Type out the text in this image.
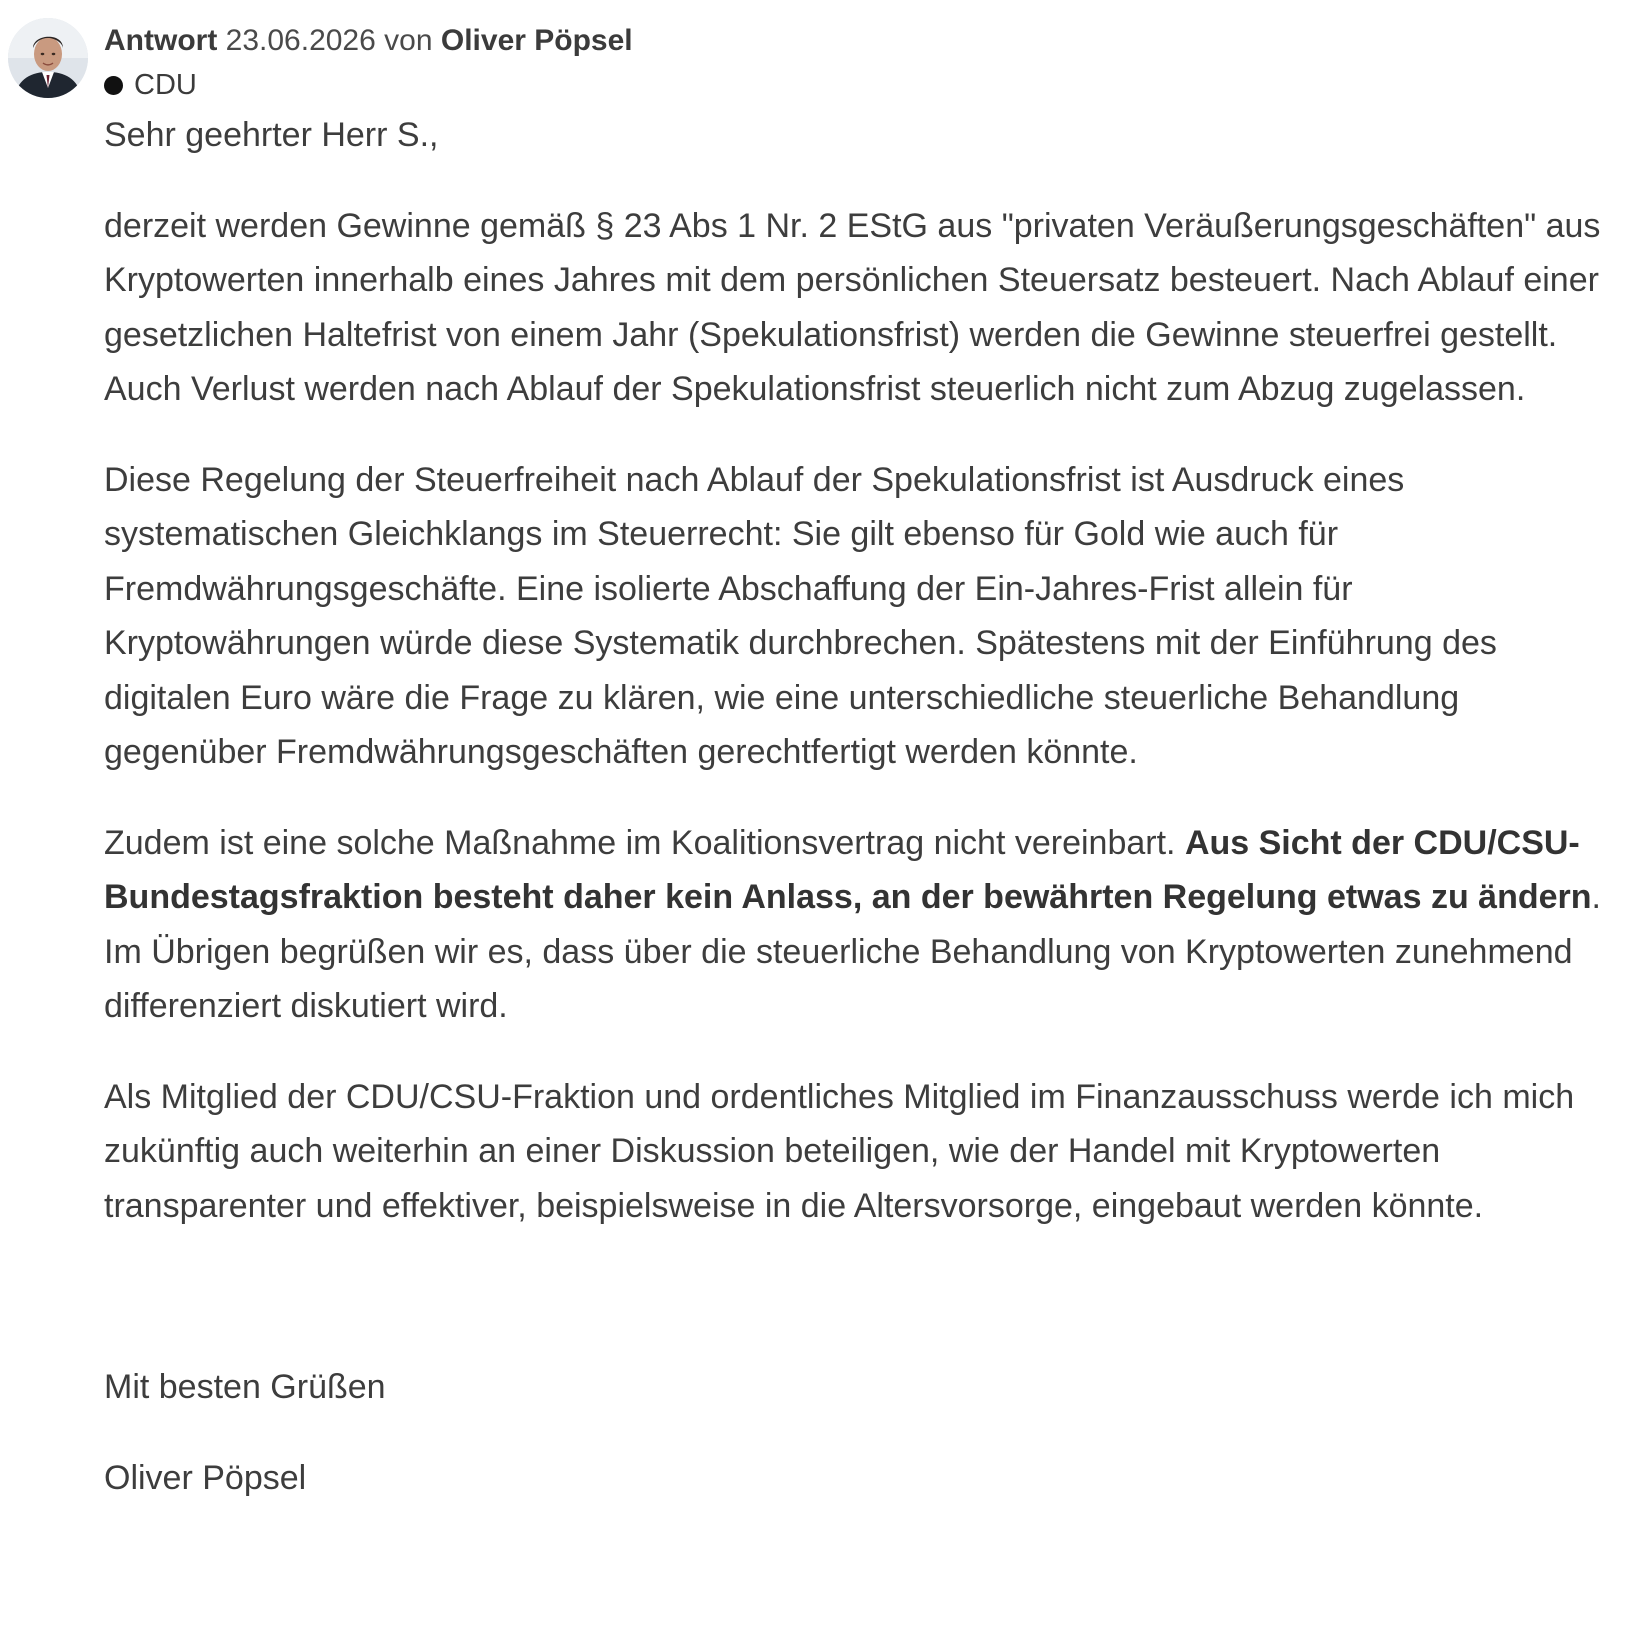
Antwort 23.06.2026 von Oliver Pöpsel
CDU

Sehr geehrter Herr S.,

derzeit werden Gewinne gemäß § 23 Abs 1 Nr. 2 EStG aus "privaten Veräußerungsgeschäften" aus Kryptowerten innerhalb eines Jahres mit dem persönlichen Steuersatz besteuert. Nach Ablauf einer gesetzlichen Haltefrist von einem Jahr (Spekulationsfrist) werden die Gewinne steuerfrei gestellt. Auch Verlust werden nach Ablauf der Spekulationsfrist steuerlich nicht zum Abzug zugelassen.

Diese Regelung der Steuerfreiheit nach Ablauf der Spekulationsfrist ist Ausdruck eines systematischen Gleichklangs im Steuerrecht: Sie gilt ebenso für Gold wie auch für Fremdwährungsgeschäfte. Eine isolierte Abschaffung der Ein-Jahres-Frist allein für Kryptowährungen würde diese Systematik durchbrechen. Spätestens mit der Einführung des digitalen Euro wäre die Frage zu klären, wie eine unterschiedliche steuerliche Behandlung gegenüber Fremdwährungsgeschäften gerechtfertigt werden könnte.

Zudem ist eine solche Maßnahme im Koalitionsvertrag nicht vereinbart. Aus Sicht der CDU/CSU-Bundestagsfraktion besteht daher kein Anlass, an der bewährten Regelung etwas zu ändern. Im Übrigen begrüßen wir es, dass über die steuerliche Behandlung von Kryptowerten zunehmend differenziert diskutiert wird.

Als Mitglied der CDU/CSU-Fraktion und ordentliches Mitglied im Finanzausschuss werde ich mich zukünftig auch weiterhin an einer Diskussion beteiligen, wie der Handel mit Kryptowerten transparenter und effektiver, beispielsweise in die Altersvorsorge, eingebaut werden könnte.

Mit besten Grüßen

Oliver Pöpsel
